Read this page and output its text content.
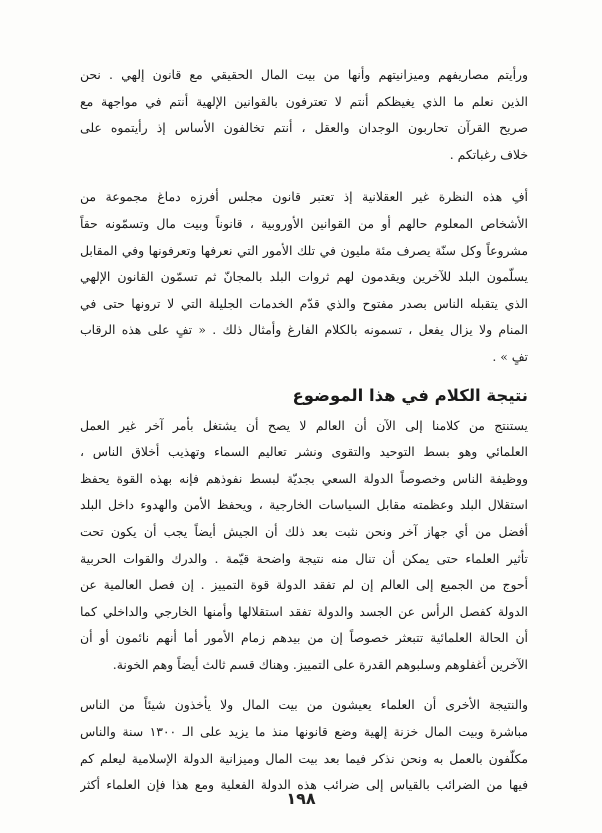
ورأيتم مصاريفهم وميزانيتهم وأنها من بيت المال الحقيقي مع قانون إلهي . نحن
الذين نعلم ما الذي يغيظكم أنتم لا تعترفون بالقوانين الإلهية أنتم في مواجهة مع
صريح القرآن تحاربون الوجدان والعقل ، أنتم تخالفون الأساس إذ رأيتموه على
خلاف رغباتكم .
أفِ هذه النظرة غير العقلانية إذ تعتبر قانون مجلس أفرزه دماغ مجموعة من
الأشخاص المعلوم حالهم أو من القوانين الأوروبية ، قانوناً وبيت مال وتسمّونه حقاً
مشروعاً وكل سنّة يصرف مئة مليون في تلك الأمور التي نعرفها وتعرفونها وفي المقابل
يسلّمون البلد للآخرين ويقدمون لهم ثروات البلد بالمجانّ ثم تسمّون القانون الإلهي
الذي يتقبله الناس بصدر مفتوح والذي قدّم الخدمات الجليلة التي لا ترونها حتى في
المنام ولا يزال يفعل ، تسمونه بالكلام الفارغ وأمثال ذلك . « تفٍ على هذه الرقاب
تفٍ » .
نتيجة الكلام في هذا الموضوع
يستنتج من كلامنا إلى الآن أن العالم لا يصح أن يشتغل بأمر آخر غير العمل
العلمائي وهو بسط التوحيد والتقوى ونشر تعاليم السماء وتهذيب أخلاق الناس ،
ووظيفة الناس وخصوصاً الدولة السعي بجديّة لبسط نفوذهم فإنه بهذه القوة يحفظ
استقلال البلد وعظمته مقابل السياسات الخارجية ، ويحفظ الأمن والهدوء داخل البلد
أفضل من أي جهاز آخر ونحن نثبت بعد ذلك أن الجيش أيضاً يجب أن يكون تحت
تأثير العلماء حتى يمكن أن تنال منه نتيجة واضحة قيّمة . والدرك والقوات الحربية
أحوج من الجميع إلى العالم إن لم تفقد الدولة قوة التمييز . إن فصل العالمية عن
الدولة كفصل الرأس عن الجسد والدولة تفقد استقلالها وأمنها الخارجي والداخلي كما
أن الحالة العلمائية تتبعثر خصوصاً إن من بيدهم زمام الأمور أما أنهم نائمون أو أن
الآخرين أغفلوهم وسلبوهم القدرة على التمييز. وهناك قسم ثالث أيضاً وهم الخونة.
والنتيجة الأخرى أن العلماء يعيشون من بيت المال ولا يأخذون شيئاً من الناس
مباشرة وبيت المال خزنة إلهية وضع قانونها منذ ما يزيد على الـ ١٣٠٠ سنة والناس
مكلّفون بالعمل به ونحن نذكر فيما بعد بيت المال وميزانية الدولة الإسلامية ليعلم كم
فيها من الضرائب بالقياس إلى ضرائب هذه الدولة الفعلية ومع هذا فإن العلماء أكثر
١٩٨
